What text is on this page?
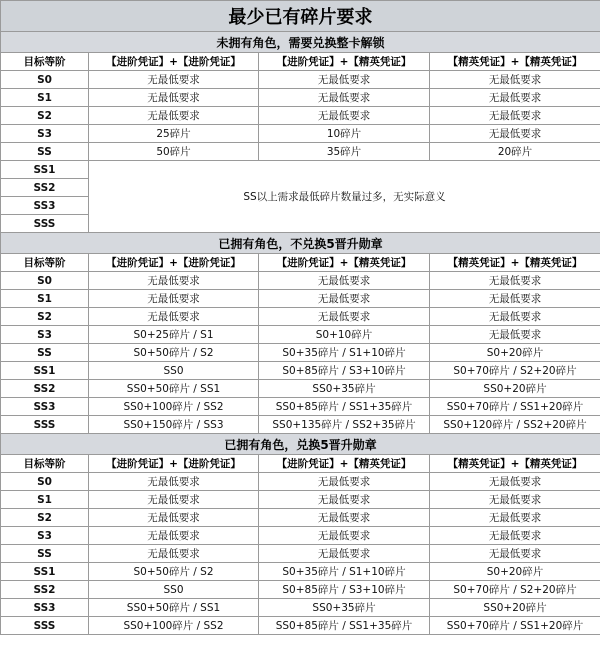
最少已有碎片要求			
未拥有角色，需要兑换整卡解锁			
目标等阶	【进阶凭证】+【进阶凭证】	【进阶凭证】+【精英凭证】	【精英凭证】+【精英凭证】
S0	无最低要求	无最低要求	无最低要求
S1	无最低要求	无最低要求	无最低要求
S2	无最低要求	无最低要求	无最低要求
S3	25碎片	10碎片	无最低要求
SS	50碎片	35碎片	20碎片
SS1	SS以上需求最低碎片数量过多，无实际意义		
SS2			
SS3			
SSS			
已拥有角色，不兑换5晋升勋章			
目标等阶	【进阶凭证】+【进阶凭证】	【进阶凭证】+【精英凭证】	【精英凭证】+【精英凭证】
S0	无最低要求	无最低要求	无最低要求
S1	无最低要求	无最低要求	无最低要求
S2	无最低要求	无最低要求	无最低要求
S3	S0+25碎片 / S1	S0+10碎片	无最低要求
SS	S0+50碎片 / S2	S0+35碎片 / S1+10碎片	S0+20碎片
SS1	SS0	S0+85碎片 / S3+10碎片	S0+70碎片 / S2+20碎片
SS2	SS0+50碎片 / SS1	SS0+35碎片	SS0+20碎片
SS3	SS0+100碎片 / SS2	SS0+85碎片 / SS1+35碎片	SS0+70碎片 / SS1+20碎片
SSS	SS0+150碎片 / SS3	SS0+135碎片 / SS2+35碎片	SS0+120碎片 / SS2+20碎片
已拥有角色，兑换5晋升勋章			
目标等阶	【进阶凭证】+【进阶凭证】	【进阶凭证】+【精英凭证】	【精英凭证】+【精英凭证】
S0	无最低要求	无最低要求	无最低要求
S1	无最低要求	无最低要求	无最低要求
S2	无最低要求	无最低要求	无最低要求
S3	无最低要求	无最低要求	无最低要求
SS	无最低要求	无最低要求	无最低要求
SS1	S0+50碎片 / S2	S0+35碎片 / S1+10碎片	S0+20碎片
SS2	SS0	S0+85碎片 / S3+10碎片	S0+70碎片 / S2+20碎片
SS3	SS0+50碎片 / SS1	SS0+35碎片	SS0+20碎片
SSS	SS0+100碎片 / SS2	SS0+85碎片 / SS1+35碎片	SS0+70碎片 / SS1+20碎片
